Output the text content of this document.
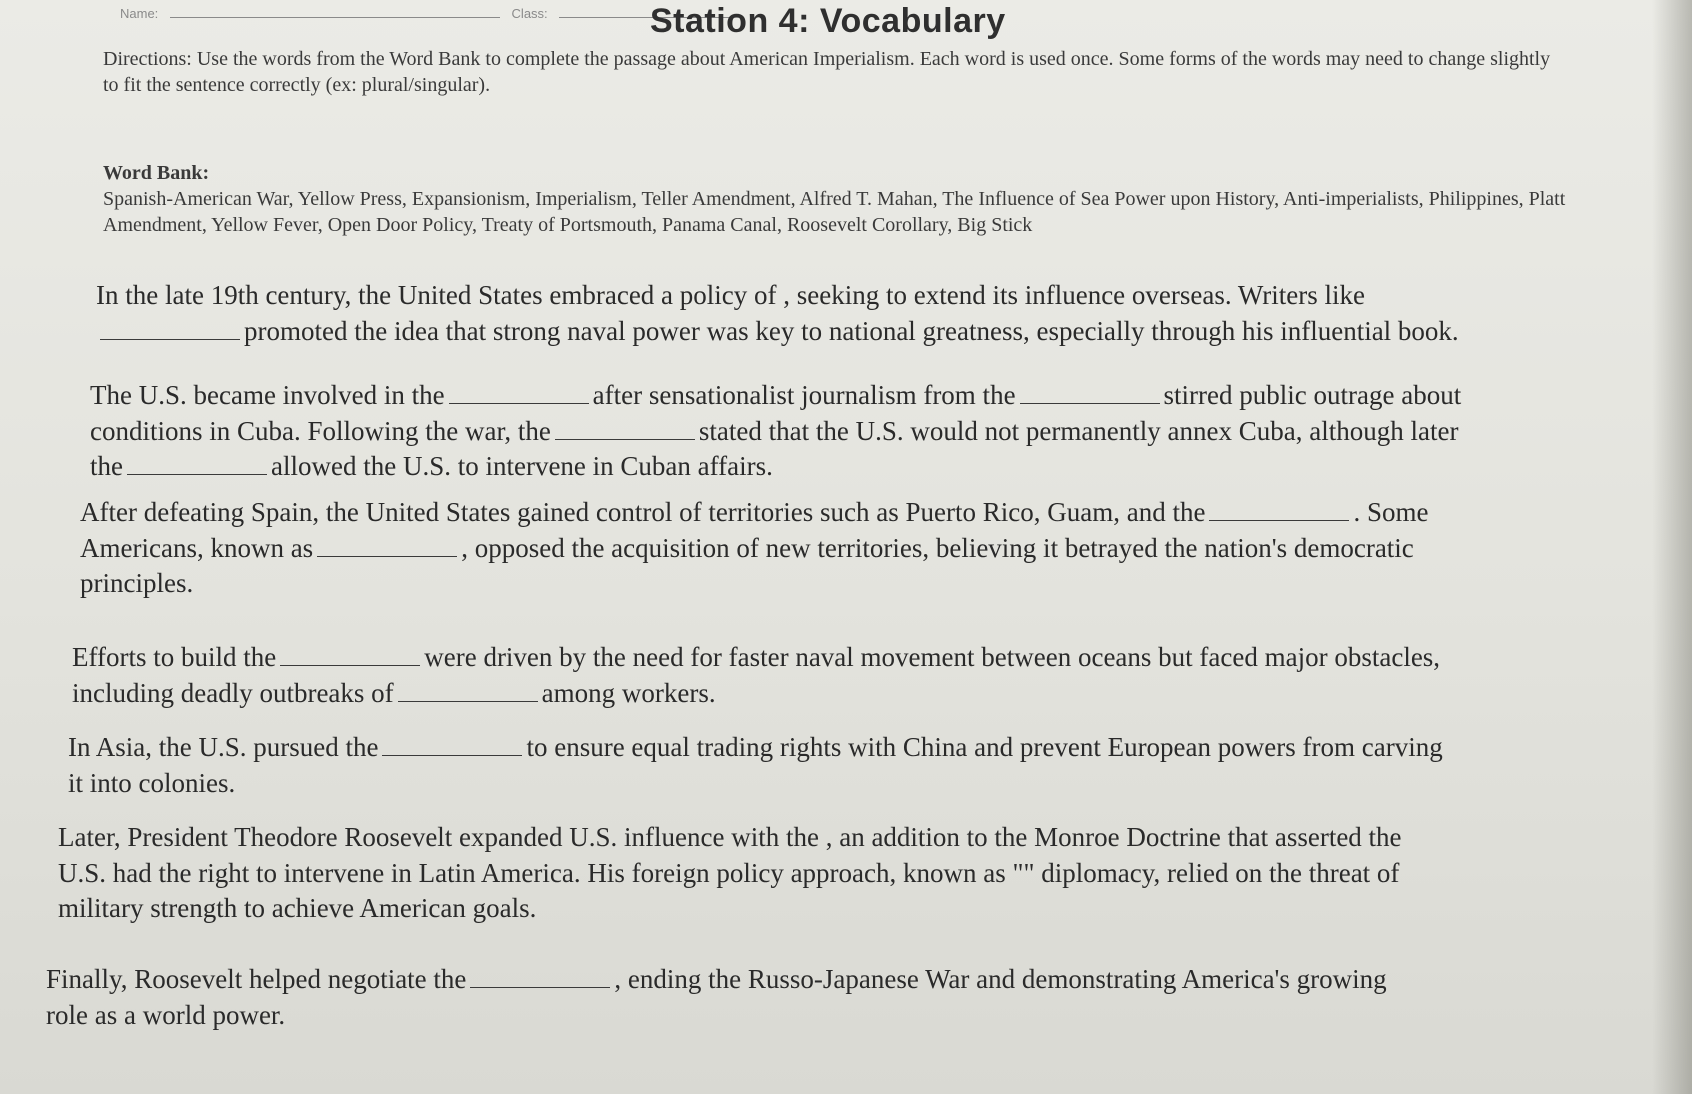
Name:	Class:	Station 4: Vocabulary
Directions: Use the words from the Word Bank to complete the passage about American Imperialism. Each word is used once. Some forms of the words may need to change slightly to fit the sentence correctly (ex: plural/singular).
Word Bank:
Spanish-American War, Yellow Press, Expansionism, Imperialism, Teller Amendment, Alfred T. Mahan, The Influence of Sea Power upon History, Anti-imperialists, Philippines, Platt Amendment, Yellow Fever, Open Door Policy, Treaty of Portsmouth, Panama Canal, Roosevelt Corollary, Big Stick
In the late 19th century, the United States embraced a policy of , seeking to extend its influence overseas. Writers like
promoted the idea that strong naval power was key to national greatness, especially through his influential book.
The U.S. became involved in the	after sensationalist journalism from the	stirred public outrage about
conditions in Cuba. Following the war, the	stated that the U.S. would not permanently annex Cuba, although later
the	allowed the U.S. to intervene in Cuban affairs.
After defeating Spain, the United States gained control of territories such as Puerto Rico, Guam, and the	. Some
Americans, known as	, opposed the acquisition of new territories, believing it betrayed the nation's democratic
principles.
Efforts to build the	were driven by the need for faster naval movement between oceans but faced major obstacles,
including deadly outbreaks of	among workers.
In Asia, the U.S. pursued the	to ensure equal trading rights with China and prevent European powers from carving
it into colonies.
Later, President Theodore Roosevelt expanded U.S. influence with the , an addition to the Monroe Doctrine that asserted the
U.S. had the right to intervene in Latin America. His foreign policy approach, known as "" diplomacy, relied on the threat of
military strength to achieve American goals.
Finally, Roosevelt helped negotiate the	, ending the Russo-Japanese War and demonstrating America's growing
role as a world power.
